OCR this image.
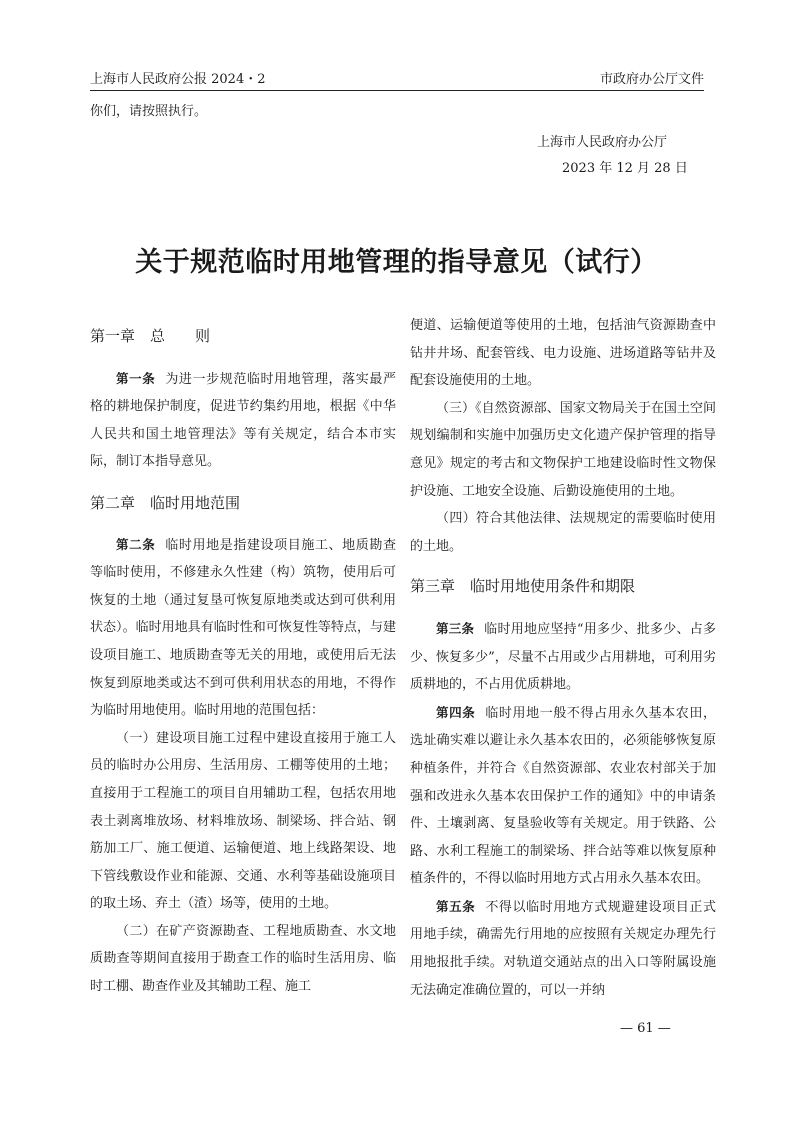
上海市人民政府公报 2024・2	市政府办公厅文件
你们，请按照执行。
上海市人民政府办公厅
2023 年 12 月 28 日
关于规范临时用地管理的指导意见（试行）

第一章　总　　则

第一条 为进一步规范临时用地管理，落实最严格的耕地保护制度，促进节约集约用地，根据《中华人民共和国土地管理法》等有关规定，结合本市实际，制订本指导意见。

第二章　临时用地范围

第二条 临时用地是指建设项目施工、地质勘查等临时使用，不修建永久性建（构）筑物，使用后可恢复的土地（通过复垦可恢复原地类或达到可供利用状态）。临时用地具有临时性和可恢复性等特点，与建设项目施工、地质勘查等无关的用地，或使用后无法恢复到原地类或达不到可供利用状态的用地，不得作为临时用地使用。临时用地的范围包括：

（一）建设项目施工过程中建设直接用于施工人员的临时办公用房、生活用房、工棚等使用的土地；直接用于工程施工的项目自用辅助工程，包括农用地表土剥离堆放场、材料堆放场、制梁场、拌合站、钢筋加工厂、施工便道、运输便道、地上线路架设、地下管线敷设作业和能源、交通、水利等基础设施项目的取土场、弃土（渣）场等，使用的土地。

（二）在矿产资源勘查、工程地质勘查、水文地质勘查等期间直接用于勘查工作的临时生活用房、临时工棚、勘查作业及其辅助工程、施工

便道、运输便道等使用的土地，包括油气资源勘查中钻井井场、配套管线、电力设施、进场道路等钻井及配套设施使用的土地。

（三）《自然资源部、国家文物局关于在国土空间规划编制和实施中加强历史文化遗产保护管理的指导意见》规定的考古和文物保护工地建设临时性文物保护设施、工地安全设施、后勤设施使用的土地。

（四）符合其他法律、法规规定的需要临时使用的土地。

第三章　临时用地使用条件和期限

第三条 临时用地应坚持“用多少、批多少、占多少、恢复多少”，尽量不占用或少占用耕地，可利用劣质耕地的，不占用优质耕地。

第四条 临时用地一般不得占用永久基本农田，选址确实难以避让永久基本农田的，必须能够恢复原种植条件，并符合《自然资源部、农业农村部关于加强和改进永久基本农田保护工作的通知》中的申请条件、土壤剥离、复垦验收等有关规定。用于铁路、公路、水利工程施工的制梁场、拌合站等难以恢复原种植条件的，不得以临时用地方式占用永久基本农田。

第五条 不得以临时用地方式规避建设项目正式用地手续，确需先行用地的应按照有关规定办理先行用地报批手续。对轨道交通站点的出入口等附属设施无法确定准确位置的，可以一并纳

— 61 —
